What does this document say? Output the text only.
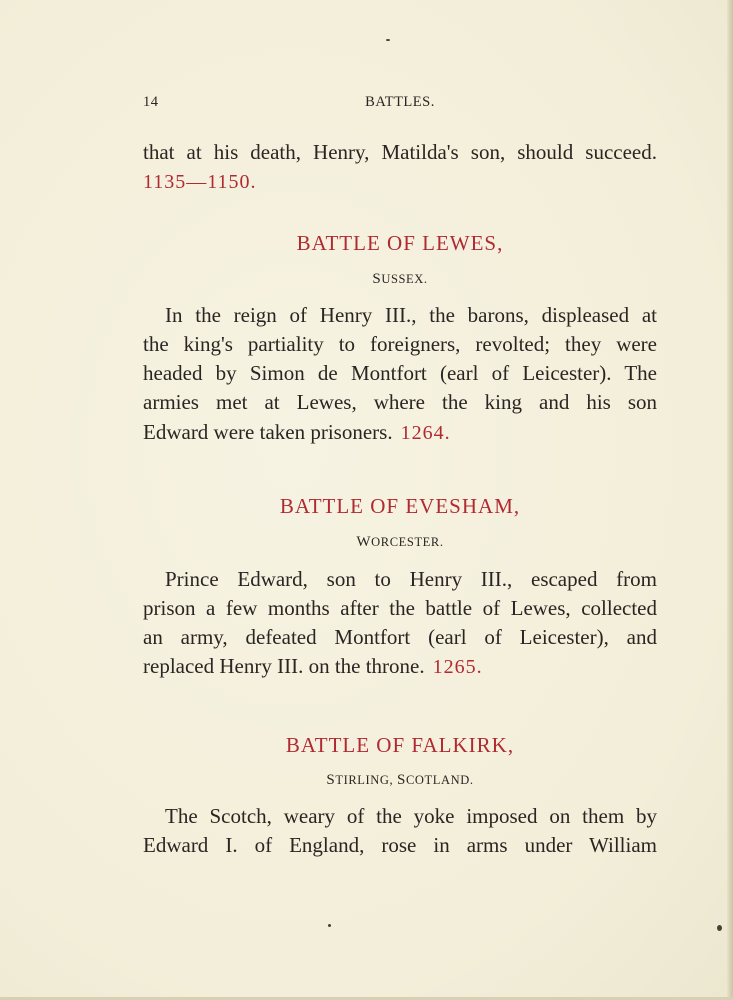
14	BATTLES.
that at his death, Henry, Matilda's son, should succeed.
1135—1150.
BATTLE OF LEWES,
SUSSEX.
In the reign of Henry III., the barons, displeased at
the king's partiality to foreigners, revolted; they were
headed by Simon de Montfort (earl of Leicester). The
armies met at Lewes, where the king and his son
Edward were taken prisoners. 1264.
BATTLE OF EVESHAM,
WORCESTER.
Prince Edward, son to Henry III., escaped from
prison a few months after the battle of Lewes, collected
an army, defeated Montfort (earl of Leicester), and
replaced Henry III. on the throne. 1265.
BATTLE OF FALKIRK,
STIRLING, SCOTLAND.
The Scotch, weary of the yoke imposed on them by
Edward I. of England, rose in arms under William
